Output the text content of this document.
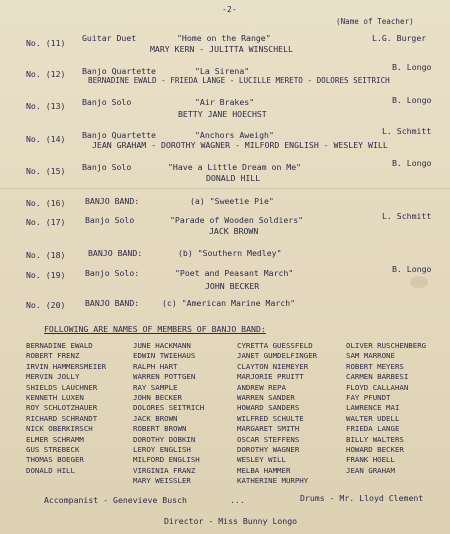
-2-
(Name of Teacher)
No. (11) Guitar Duet	"Home on the Range"	L.G. Burger
MARY KERN - JULITTA WINSCHELL
No. (12) Banjo Quartette	"La Sirena"	B. Longo
BERNADINE EWALD - FRIEDA LANGE - LUCILLE MERETO - DOLORES SEITRICH
No. (13) Banjo Solo	"Air Brakes"	B. Longo
BETTY JANE HOECHST
No. (14) Banjo Quartette	"Anchors Aweigh"	L. Schmitt
JEAN GRAHAM - DOROTHY WAGNER - MILFORD ENGLISH - WESLEY WILL
No. (15) Banjo Solo	"Have a Little Dream on Me"	B. Longo
DONALD HILL
No. (16) BANJO BAND:	(a) "Sweetie Pie"
No. (17) Banjo Solo	"Parade of Wooden Soldiers"	L. Schmitt
JACK BROWN
No. (18)	BANJO BAND:	(b) "Southern Medley"
No. (19) Banjo Solo:	"Poet and Peasant March"	B. Longo
JOHN BECKER
No. (20) BANJO BAND:	(c) "American Marine March"
FOLLOWING ARE NAMES OF MEMBERS OF BANJO BAND:
BERNADINE EWALD
ROBERT FRENZ
IRVIN HAMMERSMEIER
MERVIN JOLLY
SHIELDS LAUCHNER
KENNETH LUXEN
ROY SCHLOTZHAUER
RICHARD SCHRANDT
NICK OBERKIRSCH
ELMER SCHRAMM
GUS STREBECK
THOMAS BOEGER
DONALD HILL
JUNE HACKMANN
EDWIN TWIEHAUS
RALPH HART
WARREN POTTGEN
RAY SAMPLE
JOHN BECKER
DOLORES SEITRICH
JACK BROWN
ROBERT BROWN
DOROTHY DOBKIN
LEROY ENGLISH
MILFORD ENGLISH
VIRGINIA FRANZ
MARY WEISSLER
CYRETTA GUESSFELD
JANET GUMDELFINGER
CLAYTON NIEMEYER
MARJORIE PRUITT
ANDREW REPA
WARREN SANDER
HOWARD SANDERS
WILFRED SCHULTE
MARGARET SMITH
OSCAR STEFFENS
DOROTHY WAGNER
WESLEY WILL
MELBA HAMMER
KATHERINE MURPHY
OLIVER RUSCHENBERG
SAM MARRONE
ROBERT MEYERS
CARMEN BARBESI
FLOYD CALLAHAN
FAY PFUNDT
LAWRENCE MAI
WALTER UDELL
FRIEDA LANGE
BILLY WALTERS
HOWARD BECKER
FRANK HOELL
JEAN GRAHAM
Accompanist - Genevieve Busch	...	Drums - Mr. Lloyd Clement
Director - Miss Bunny Longo
